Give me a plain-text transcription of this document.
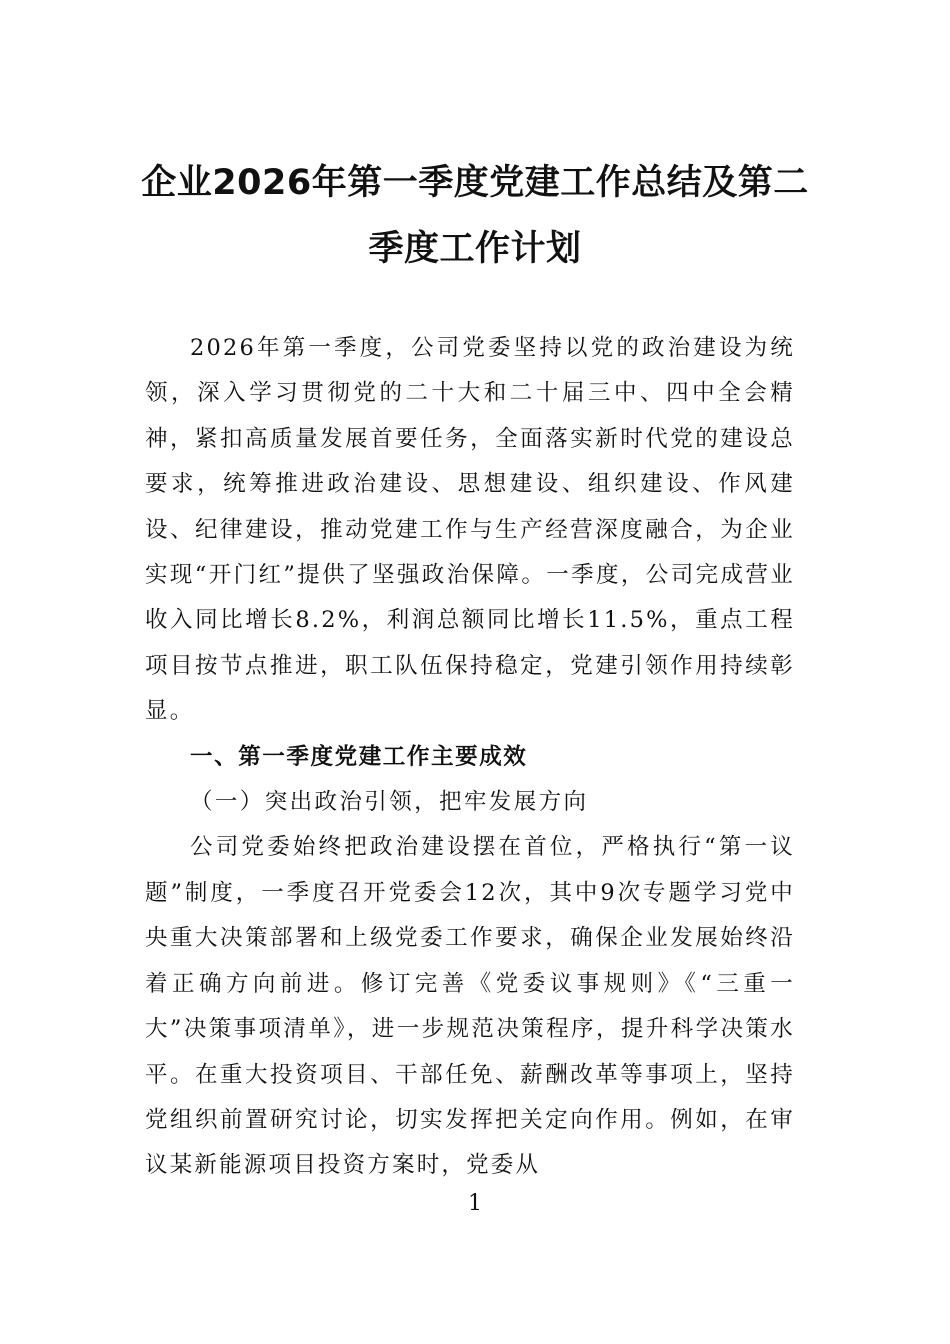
企业2026年第一季度党建工作总结及第二
季度工作计划

2026年第一季度，公司党委坚持以党的政治建设为统领，深入学习贯彻党的二十大和二十届三中、四中全会精神，紧扣高质量发展首要任务，全面落实新时代党的建设总要求，统筹推进政治建设、思想建设、组织建设、作风建设、纪律建设，推动党建工作与生产经营深度融合，为企业实现“开门红”提供了坚强政治保障。一季度，公司完成营业收入同比增长8.2%，利润总额同比增长11.5%，重点工程项目按节点推进，职工队伍保持稳定，党建引领作用持续彰显。

一、第一季度党建工作主要成效

（一）突出政治引领，把牢发展方向

公司党委始终把政治建设摆在首位，严格执行“第一议题”制度，一季度召开党委会12次，其中9次专题学习党中央重大决策部署和上级党委工作要求，确保企业发展始终沿着正确方向前进。修订完善《党委议事规则》《“三重一大”决策事项清单》，进一步规范决策程序，提升科学决策水平。在重大投资项目、干部任免、薪酬改革等事项上，坚持党组织前置研究讨论，切实发挥把关定向作用。例如，在审议某新能源项目投资方案时，党委从

1
